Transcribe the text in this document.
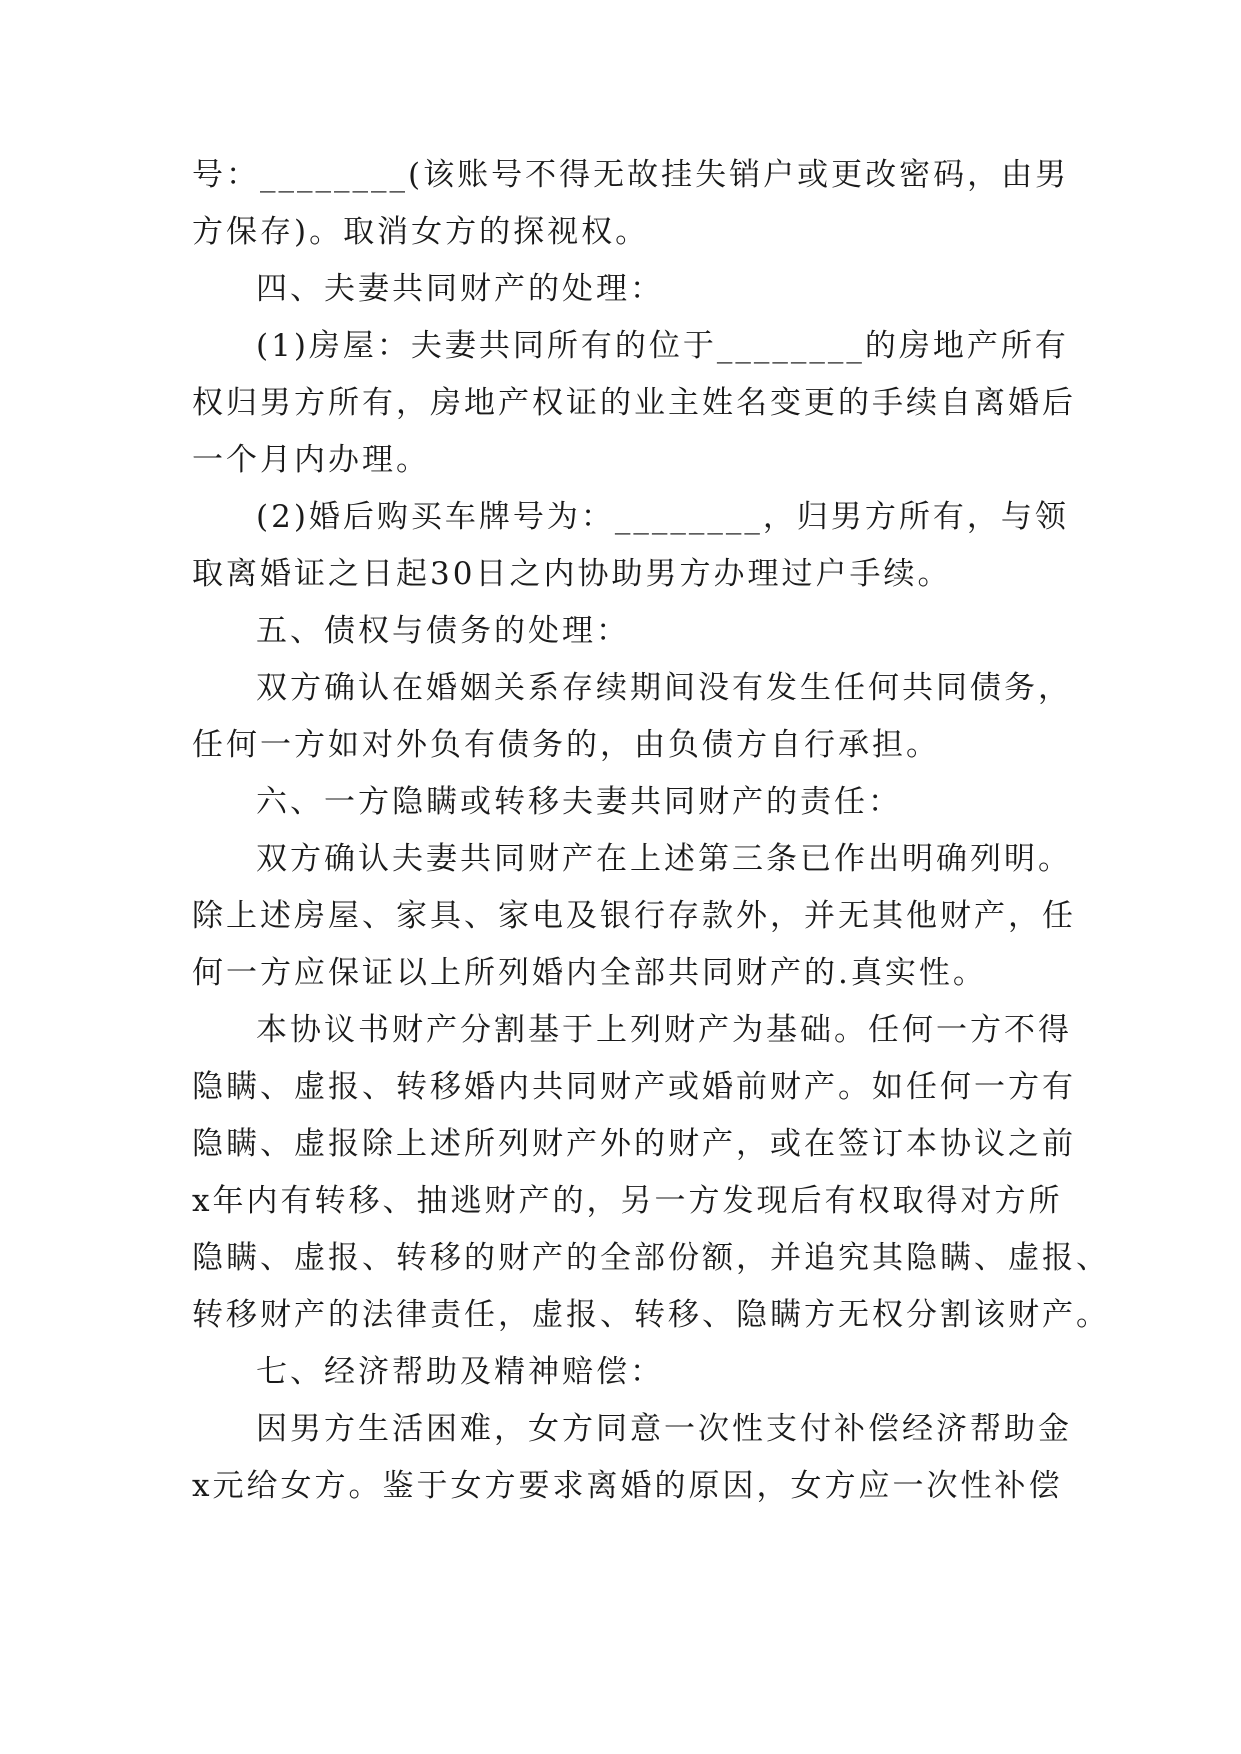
号：________(该账号不得无故挂失销户或更改密码，由男
方保存)。取消女方的探视权。
四、夫妻共同财产的处理：
(1)房屋：夫妻共同所有的位于________的房地产所有
权归男方所有，房地产权证的业主姓名变更的手续自离婚后
一个月内办理。
(2)婚后购买车牌号为：________，归男方所有，与领
取离婚证之日起30日之内协助男方办理过户手续。
五、债权与债务的处理：
双方确认在婚姻关系存续期间没有发生任何共同债务，
任何一方如对外负有债务的，由负债方自行承担。
六、一方隐瞒或转移夫妻共同财产的责任：
双方确认夫妻共同财产在上述第三条已作出明确列明。
除上述房屋、家具、家电及银行存款外，并无其他财产，任
何一方应保证以上所列婚内全部共同财产的.真实性。
本协议书财产分割基于上列财产为基础。任何一方不得
隐瞒、虚报、转移婚内共同财产或婚前财产。如任何一方有
隐瞒、虚报除上述所列财产外的财产，或在签订本协议之前
x年内有转移、抽逃财产的，另一方发现后有权取得对方所
隐瞒、虚报、转移的财产的全部份额，并追究其隐瞒、虚报、
转移财产的法律责任，虚报、转移、隐瞒方无权分割该财产。
七、经济帮助及精神赔偿：
因男方生活困难，女方同意一次性支付补偿经济帮助金
x元给女方。鉴于女方要求离婚的原因，女方应一次性补偿
